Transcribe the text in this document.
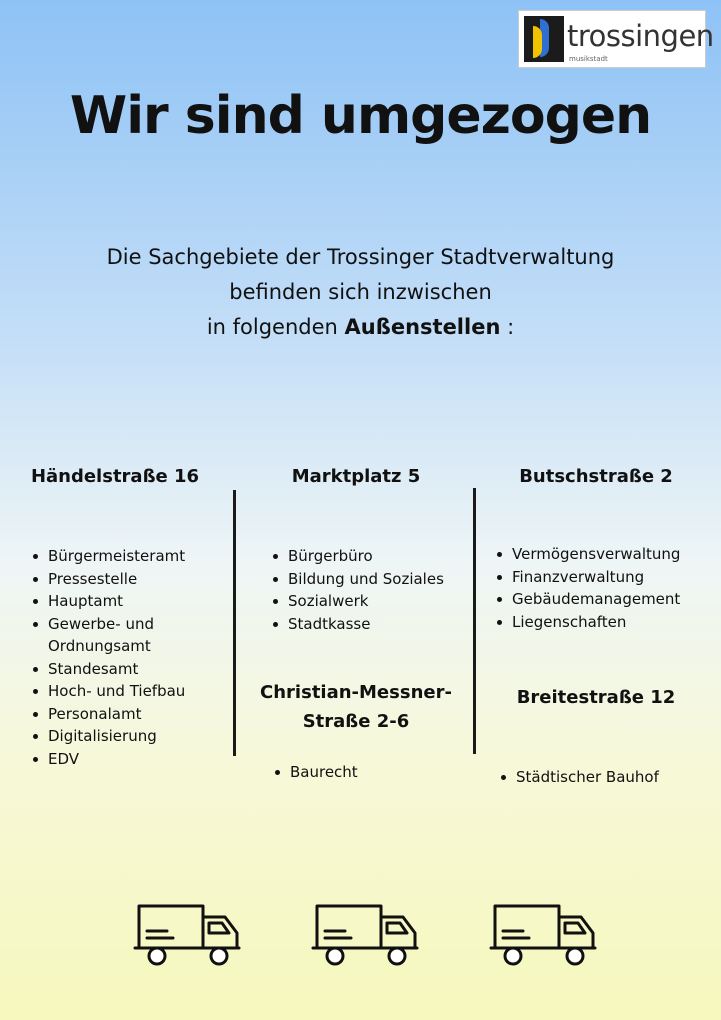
trossingen
musikstadt
Wir sind umgezogen
Die Sachgebiete der Trossinger Stadtverwaltung
befinden sich inzwischen
in folgenden Außenstellen :
Händelstraße 16
Bürgermeisteramt
Pressestelle
Hauptamt
Gewerbe- und Ordnungsamt
Standesamt
Hoch- und Tiefbau
Personalamt
Digitalisierung
EDV
Marktplatz 5
Bürgerbüro
Bildung und Soziales
Sozialwerk
Stadtkasse
Christian-Messner-Straße 2-6
Baurecht
Butschstraße 2
Vermögensverwaltung
Finanzverwaltung
Gebäudemanagement
Liegenschaften
Breitestraße 12
Städtischer Bauhof
